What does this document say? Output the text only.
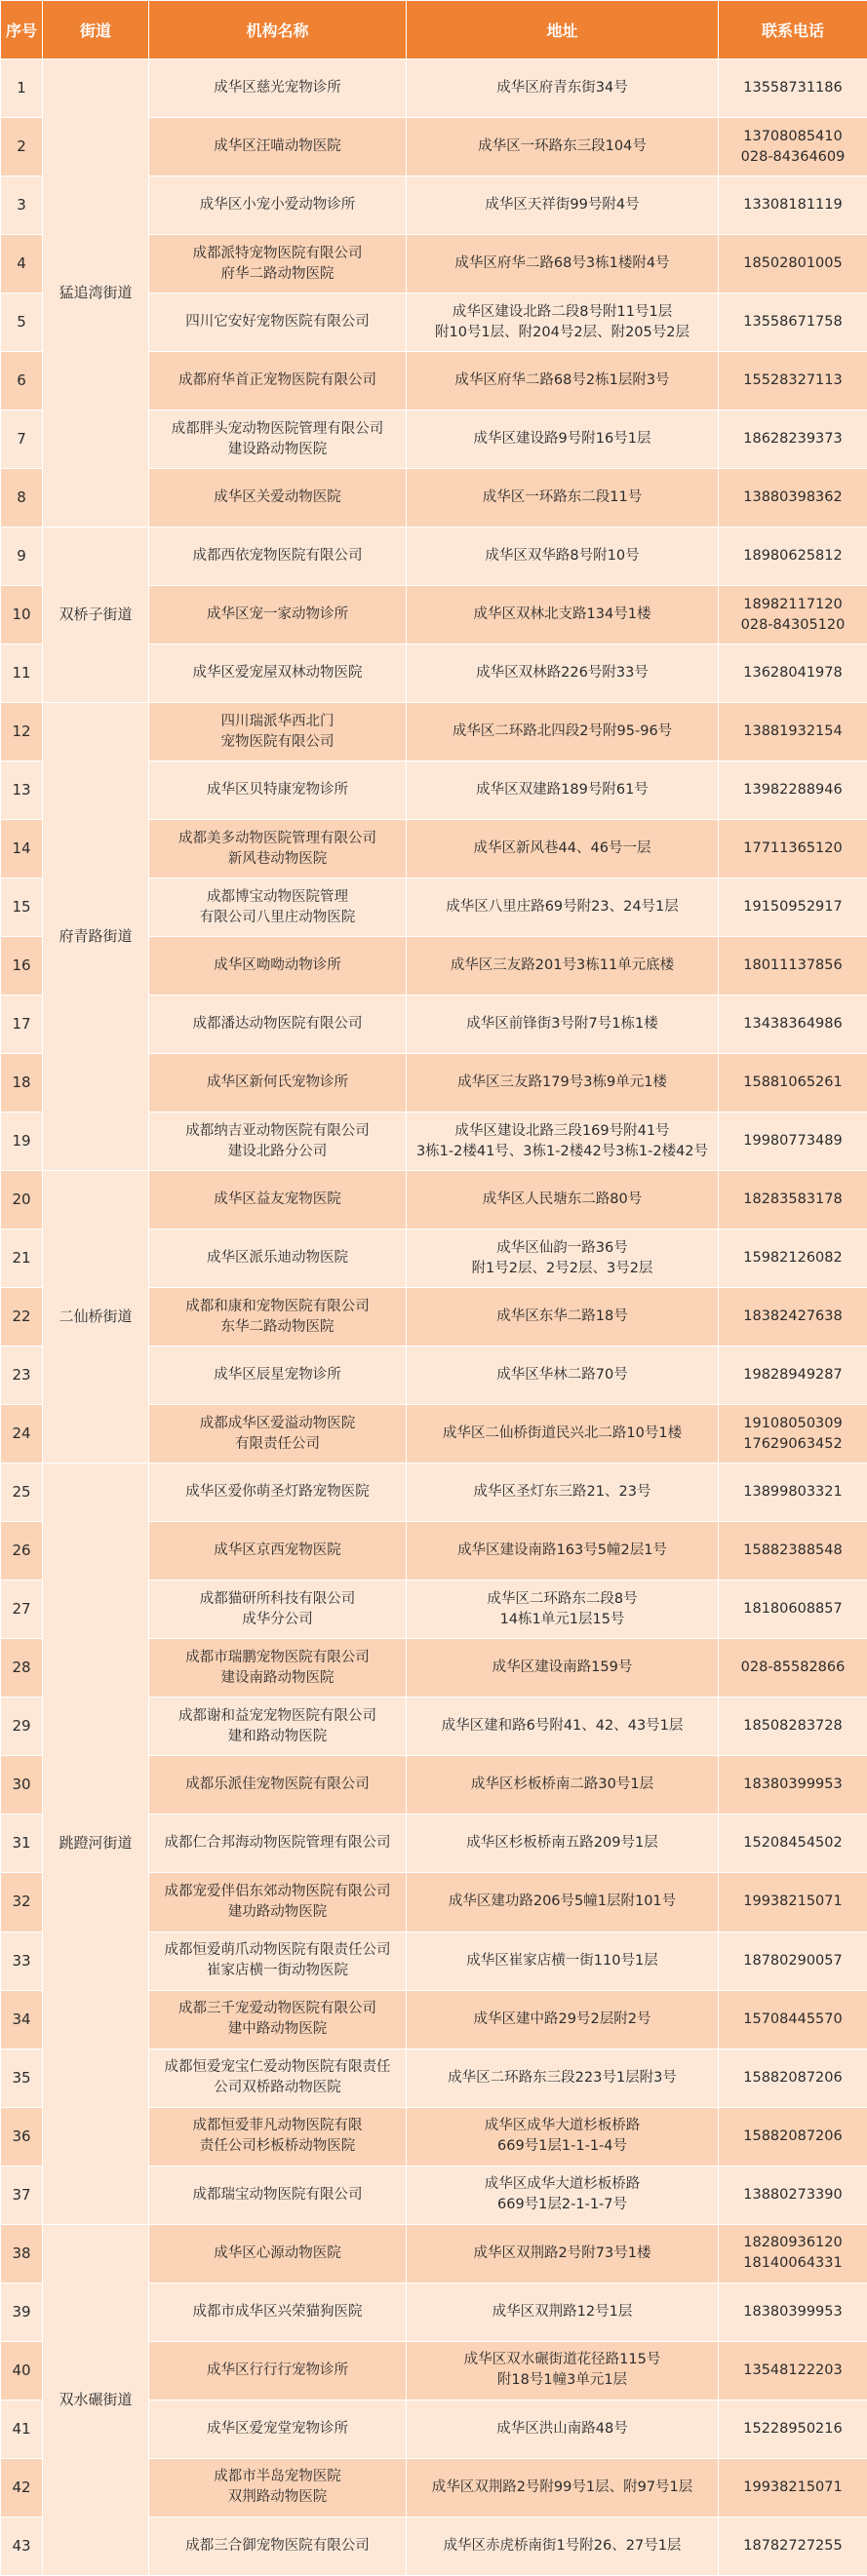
序号	街道	机构名称	地址	联系电话
1	猛追湾街道	成华区慈光宠物诊所	成华区府青东街34号	13558731186

2		成华区汪喵动物医院	成华区一环路东三段104号	13708085410
028-84364609

3		成华区小宠小爱动物诊所	成华区天祥街99号附4号	13308181119

4		成都派特宠物医院有限公司
府华二路动物医院	成华区府华二路68号3栋1楼附4号	18502801005

5		四川它安好宠物医院有限公司	成华区建设北路二段8号附11号1层
附10号1层、附204号2层、附205号2层	13558671758

6		成都府华首正宠物医院有限公司	成华区府华二路68号2栋1层附3号	15528327113

7		成都胖头宠动物医院管理有限公司
建设路动物医院	成华区建设路9号附16号1层	18628239373

8		成华区关爱动物医院	成华区一环路东二段11号	13880398362

9	双桥子街道	成都西依宠物医院有限公司	成华区双华路8号附10号	18980625812

10		成华区宠一家动物诊所	成华区双林北支路134号1楼	18982117120
028-84305120

11		成华区爱宠屋双林动物医院	成华区双林路226号附33号	13628041978

12	府青路街道	四川瑞派华西北门
宠物医院有限公司	成华区二环路北四段2号附95-96号	13881932154

13		成华区贝特康宠物诊所	成华区双建路189号附61号	13982288946

14		成都美多动物医院管理有限公司
新风巷动物医院	成华区新风巷44、46号一层	17711365120

15		成都博宝动物医院管理
有限公司八里庄动物医院	成华区八里庄路69号附23、24号1层	19150952917

16		成华区呦呦动物诊所	成华区三友路201号3栋11单元底楼	18011137856

17		成都潘达动物医院有限公司	成华区前锋街3号附7号1栋1楼	13438364986

18		成华区新何氏宠物诊所	成华区三友路179号3栋9单元1楼	15881065261

19		成都纳吉亚动物医院有限公司
建设北路分公司	成华区建设北路三段169号附41号
3栋1-2楼41号、3栋1-2楼42号3栋1-2楼42号	19980773489

20	二仙桥街道	成华区益友宠物医院	成华区人民塘东二路80号	18283583178

21		成华区派乐迪动物医院	成华区仙韵一路36号
附1号2层、2号2层、3号2层	15982126082

22		成都和康和宠物医院有限公司
东华二路动物医院	成华区东华二路18号	18382427638

23		成华区辰星宠物诊所	成华区华林二路70号	19828949287

24		成都成华区爱溢动物医院
有限责任公司	成华区二仙桥街道民兴北二路10号1楼	19108050309
17629063452

25	跳蹬河街道	成华区爱你萌圣灯路宠物医院	成华区圣灯东三路21、23号	13899803321

26		成华区京西宠物医院	成华区建设南路163号5幢2层1号	15882388548

27		成都猫研所科技有限公司
成华分公司	成华区二环路东二段8号
14栋1单元1层15号	18180608857

28		成都市瑞鹏宠物医院有限公司
建设南路动物医院	成华区建设南路159号	028-85582866

29		成都谢和益宠宠物医院有限公司
建和路动物医院	成华区建和路6号附41、42、43号1层	18508283728

30		成都乐派佳宠物医院有限公司	成华区杉板桥南二路30号1层	18380399953

31		成都仁合邦海动物医院管理有限公司	成华区杉板桥南五路209号1层	15208454502

32		成都宠爱伴侣东郊动物医院有限公司
建功路动物医院	成华区建功路206号5幢1层附101号	19938215071

33		成都恒爱萌爪动物医院有限责任公司
崔家店横一街动物医院	成华区崔家店横一街110号1层	18780290057

34		成都三千宠爱动物医院有限公司
建中路动物医院	成华区建中路29号2层附2号	15708445570

35		成都恒爱宠宝仁爱动物医院有限责任
公司双桥路动物医院	成华区二环路东三段223号1层附3号	15882087206

36		成都恒爱菲凡动物医院有限
责任公司杉板桥动物医院	成华区成华大道杉板桥路
669号1层1-1-1-4号	15882087206

37		成都瑞宝动物医院有限公司	成华区成华大道杉板桥路
669号1层2-1-1-7号	13880273390

38	双水碾街道	成华区心源动物医院	成华区双荆路2号附73号1楼	18280936120
18140064331

39		成都市成华区兴荣猫狗医院	成华区双荆路12号1层	18380399953

40		成华区行行行宠物诊所	成华区双水碾街道花径路115号
附18号1幢3单元1层	13548122203

41		成华区爱宠堂宠物诊所	成华区洪山南路48号	15228950216

42		成都市半岛宠物医院
双荆路动物医院	成华区双荆路2号附99号1层、附97号1层	19938215071

43		成都三合御宠物医院有限公司	成华区赤虎桥南街1号附26、27号1层	18782727255
